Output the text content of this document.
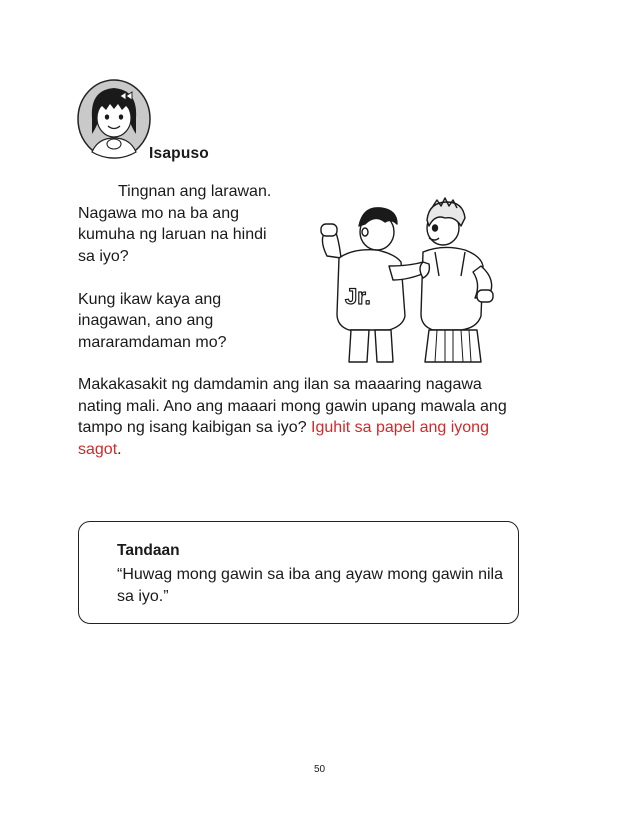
Isapuso

Tingnan ang larawan.

Nagawa mo na ba ang

kumuha ng laruan na hindi

sa iyo?

Kung ikaw kaya ang

inagawan, ano ang

mararamdaman mo?

Jr.
Makakasakit ng damdamin ang ilan sa maaaring nagawa nating mali. Ano ang maaari mong gawin upang mawala ang tampo ng isang kaibigan sa iyo? Iguhit sa papel ang iyong sagot.
Tandaan
“Huwag mong gawin sa iba ang ayaw mong gawin nila sa iyo.”
50
